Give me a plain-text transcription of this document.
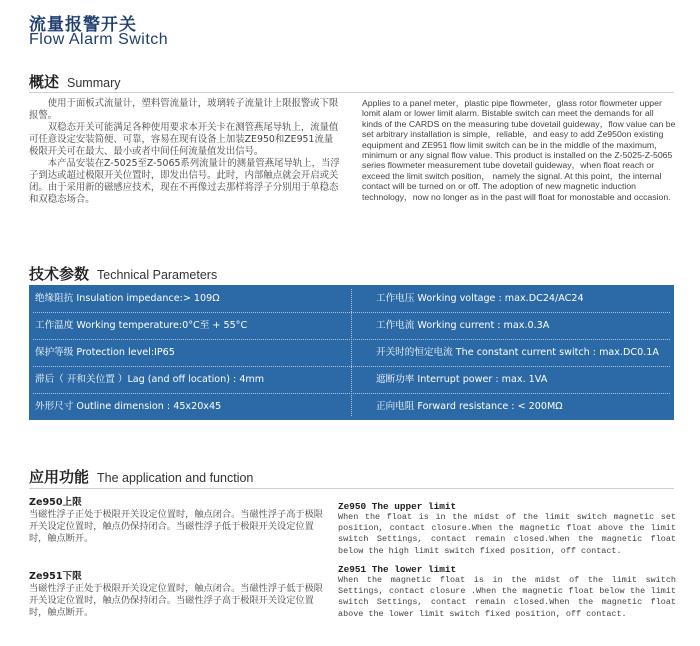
流量报警开关
Flow Alarm Switch
概述 Summary

使用于面板式流量计，塑料管流量计，玻璃转子流量计上限报警或下限报警。

双稳态开关可能满足各种使用要求本开关卡在测管燕尾导轨上，流量值可任意设定安装简便、可靠，容易在现有设备上加装ZE950和ZE951流量极限开关可在最大、最小或者中间任何流量值发出信号。

本产品安装在Z-5025至Z-5065系列流量计的测量管燕尾导轨上，当浮子到达或超过极限开关位置时，即发出信号。此时，内部触点就会开启或关闭。由于采用新的磁感应技术，现在不再像过去那样将浮子分别用于单稳态和双稳态场合。

Applies to a panel meter，plastic pipe flowmeter，glass rotor flowmeter upper lomit alam or lower limit alarm. Bistable switch can meet the demands for all kinds of the CARDS on the measuring tube dovetail guideway，flow value can be set arbitrary installation is simple，reliable，and easy to add Ze950on existing equipment and ZE951 flow limit switch can be in the middle of the maximum，minimum or any signal flow value. This product is installed on the Z-5025-Z-5065 series flowmeter measurement tube dovetail guideway，when float reach or exceed the limit switch position， namely the signal. At this point，the internal contact will be turned on or off. The adoption of new magnetic induction technology，now no longer as in the past will float for monostable and occasion.
技术参数 Technical Parameters
绝缘阻抗 Insulation impedance:> 109Ω	工作电压 Working voltage : max.DC24/AC24
工作温度 Working temperature:0°C至 + 55°C	工作电流 Working current : max.0.3A
保护等级 Protection level:IP65	开关时的恒定电流 The constant current switch : max.DC0.1A
滞后（ 开和关位置 ）Lag (and off location) : 4mm	遮断功率 Interrupt power : max. 1VA
外形尺寸 Outline dimension : 45x20x45	正向电阻 Forward resistance : < 200MΩ
应用功能 The application and function
Ze950上限
当磁性浮子正处于极限开关设定位置时，触点闭合。当磁性浮子高于极限开关设定位置时，触点仍保持闭合。当磁性浮子低于极限开关设定位置时，触点断开。
Ze951下限
当磁性浮子正处于极限开关设定位置时，触点闭合。当磁性浮子低于极限开关设定位置时，触点仍保持闭合。当磁性浮子高于极限开关设定位置时，触点断开。
Ze950 The upper limit
When the float is in the midst of the limit switch magnetic set position, contact closure.When the magnetic float above the limit switch Settings, contact remain closed.When the magnetic float below the high limit switch fixed position, off contact.
Ze951 The lower limit
When the magnetic float is in the midst of the limit switch Settings, contact closure .When the magnetic float below the limit switch Settings, contact remain closed.When the magnetic float above the lower limit switch fixed position, off contact.
